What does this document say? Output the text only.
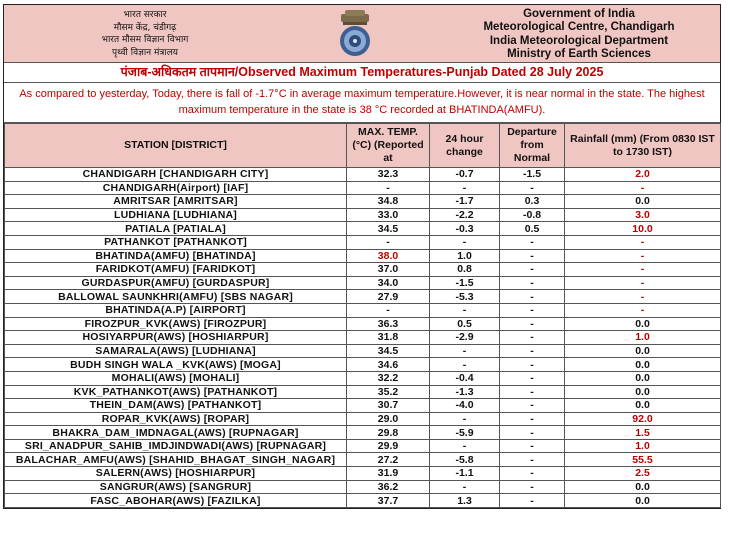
भारत सरकार
मौसम केंद्र, चंडीगढ़
भारत मौसम विज्ञान विभाग
पृथ्वी विज्ञान मंत्रालय
Government of India
Meteorological Centre, Chandigarh
India Meteorological Department
Ministry of Earth Sciences
पंजाब-अधिकतम तापमान/Observed Maximum Temperatures-Punjab Dated 28 July 2025
As compared to yesterday, Today, there is fall of -1.7°C in average maximum temperature.However, it is near normal in the state. The highest maximum temperature in the state is 38 °C recorded at BHATINDA(AMFU).
STATION [DISTRICT]	MAX. TEMP.(°C) (Reported at	24 hour change	Departure from Normal	Rainfall (mm) (From 0830 IST to 1730 IST)
CHANDIGARH [CHANDIGARH CITY]	32.3	-0.7	-1.5	2.0
CHANDIGARH(Airport) [IAF]	-	-	-	-
AMRITSAR [AMRITSAR]	34.8	-1.7	0.3	0.0
LUDHIANA [LUDHIANA]	33.0	-2.2	-0.8	3.0
PATIALA [PATIALA]	34.5	-0.3	0.5	10.0
PATHANKOT [PATHANKOT]	-	-	-	-
BHATINDA(AMFU) [BHATINDA]	38.0	1.0	-	-
FARIDKOT(AMFU) [FARIDKOT]	37.0	0.8	-	-
GURDASPUR(AMFU) [GURDASPUR]	34.0	-1.5	-	-
BALLOWAL SAUNKHRI(AMFU) [SBS NAGAR]	27.9	-5.3	-	-
BHATINDA(A.P) [AIRPORT]	-	-	-	-
FIROZPUR_KVK(AWS) [FIROZPUR]	36.3	0.5	-	0.0
HOSIYARPUR(AWS) [HOSHIARPUR]	31.8	-2.9	-	1.0
SAMARALA(AWS) [LUDHIANA]	34.5	-	-	0.0
BUDH SINGH WALA _KVK(AWS) [MOGA]	34.6	-	-	0.0
MOHALI(AWS) [MOHALI]	32.2	-0.4	-	0.0
KVK_PATHANKOT(AWS) [PATHANKOT]	35.2	-1.3	-	0.0
THEIN_DAM(AWS) [PATHANKOT]	30.7	-4.0	-	0.0
ROPAR_KVK(AWS) [ROPAR]	29.0	-	-	92.0
BHAKRA_DAM_IMDNAGAL(AWS) [RUPNAGAR]	29.8	-5.9	-	1.5
SRI_ANADPUR_SAHIB_IMDJINDWADI(AWS) [RUPNAGAR]	29.9	-	-	1.0
BALACHAR_AMFU(AWS) [SHAHID_BHAGAT_SINGH_NAGAR]	27.2	-5.8	-	55.5
SALERN(AWS) [HOSHIARPUR]	31.9	-1.1	-	2.5
SANGRUR(AWS) [SANGRUR]	36.2	-	-	0.0
FASC_ABOHAR(AWS) [FAZILKA]	37.7	1.3	-	0.0
